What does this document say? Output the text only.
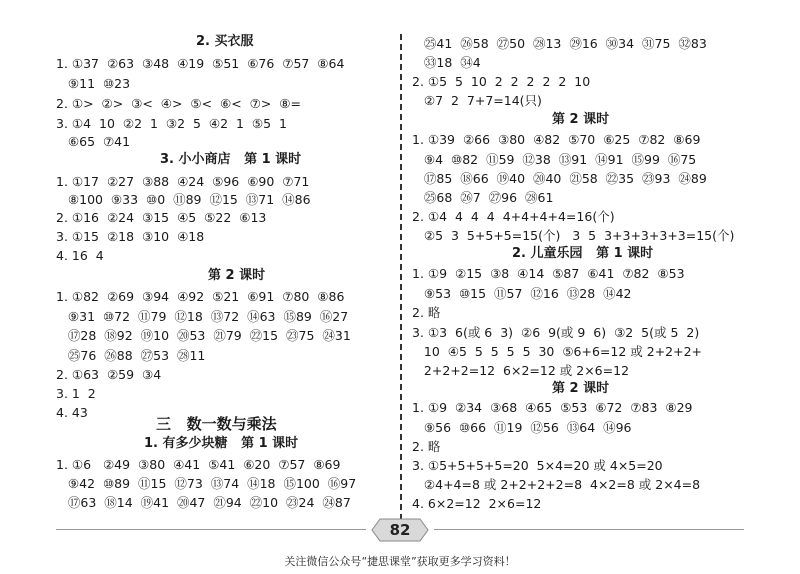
2. 买衣服
1. ①37  ②63  ③48  ④19  ⑤51  ⑥76  ⑦57  ⑧64
⑨11  ⑩23
2. ①>  ②>  ③<  ④>  ⑤<  ⑥<  ⑦>  ⑧=
3. ①4  10  ②2  1  ③2  5  ④2  1  ⑤5  1
⑥65  ⑦41
3. 小小商店   第 1 课时
1. ①17  ②27  ③88  ④24  ⑤96  ⑥90  ⑦71
⑧100  ⑨33  ⑩0  ⑪89  ⑫15  ⑬71  ⑭86
2. ①16  ②24  ③15  ④5  ⑤22  ⑥13
3. ①15  ②18  ③10  ④18
4. 16  4
第 2 课时
1. ①82  ②69  ③94  ④92  ⑤21  ⑥91  ⑦80  ⑧86
⑨31  ⑩72  ⑪79  ⑫18  ⑬72  ⑭63  ⑮89  ⑯27
⑰28  ⑱92  ⑲10  ⑳53  ㉑79  ㉒15  ㉓75  ㉔31
㉕76  ㉖88  ㉗53  ㉘11
2. ①63  ②59  ③4
3. 1  2
4. 43
三   数一数与乘法
1. 有多少块糖   第 1 课时
1. ①6   ②49  ③80  ④41  ⑤41  ⑥20  ⑦57  ⑧69
⑨42  ⑩89  ⑪15  ⑫73  ⑬74  ⑭18  ⑮100  ⑯97
⑰63  ⑱14  ⑲41  ⑳47  ㉑94  ㉒10  ㉓24  ㉔87
㉕41  ㉖58  ㉗50  ㉘13  ㉙16  ㉚34  ㉛75  ㉜83
㉝18  ㉞4
2. ①5  5  10  2  2  2  2  2  10
②7  2  7+7=14(只)
第 2 课时
1. ①39  ②66  ③80  ④82  ⑤70  ⑥25  ⑦82  ⑧69
⑨4  ⑩82  ⑪59  ⑫38  ⑬91  ⑭91  ⑮99  ⑯75
⑰85  ⑱66  ⑲40  ⑳40  ㉑58  ㉒35  ㉓93  ㉔89
㉕68  ㉖7  ㉗96  ㉘61
2. ①4  4  4  4  4+4+4+4=16(个)
②5  3  5+5+5=15(个)   3  5  3+3+3+3+3=15(个)
2. 儿童乐园   第 1 课时
1. ①9  ②15  ③8  ④14  ⑤87  ⑥41  ⑦82  ⑧53
⑨53  ⑩15  ⑪57  ⑫16  ⑬28  ⑭42
2. 略
3. ①3  6(或 6  3)  ②6  9(或 9  6)  ③2  5(或 5  2)
10  ④5  5  5  5  5  30  ⑤6+6=12 或 2+2+2+
2+2+2=12  6×2=12 或 2×6=12
第 2 课时
1. ①9  ②34  ③68  ④65  ⑤53  ⑥72  ⑦83  ⑧29
⑨56  ⑩66  ⑪19  ⑫56  ⑬64  ⑭96
2. 略
3. ①5+5+5+5=20  5×4=20 或 4×5=20
②4+4=8 或 2+2+2+2=8  4×2=8 或 2×4=8
4. 6×2=12  2×6=12
82
关注微信公众号“捷思课堂”获取更多学习资料！
